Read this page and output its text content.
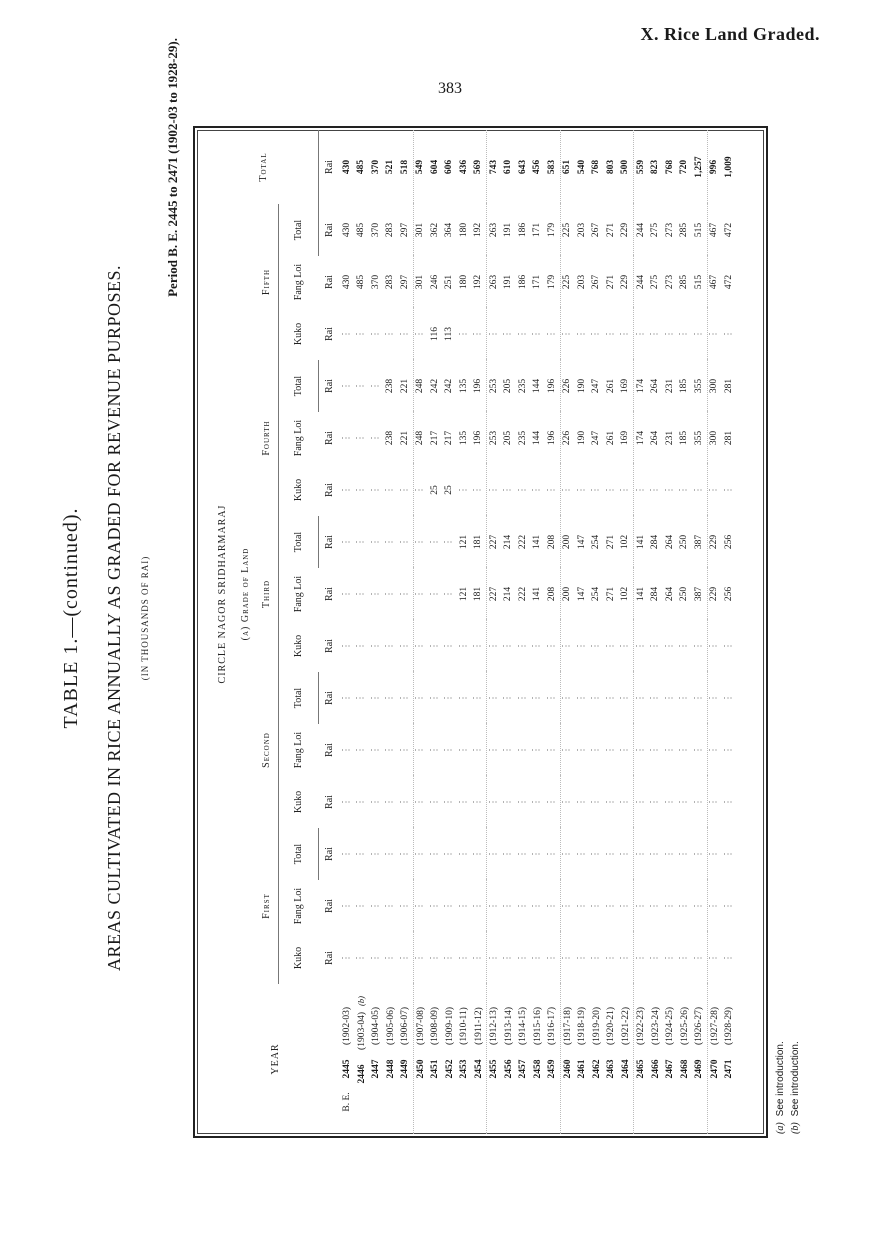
X. Rice Land Graded.
383
TABLE 1.—(continued). AREAS CULTIVATED IN RICE ANNUALLY AS GRADED FOR REVENUE PURPOSES. (IN THOUSANDS OF RAI)
Period B. E. 2445 to 2471 (1902-03 to 1928-29).
YEAR	CIRCLE NAGOR SRIDHARMARAJ															Total
	(a) Grade of Land															
	First			Second			Third			Fourth			Fifth			
	Kuko	Fang Loi	Total	Kuko	Fang Loi	Total	Kuko	Fang Loi	Total	Kuko	Fang Loi	Total	Kuko	Fang Loi	Total	
	Rai	Rai	Rai	Rai	Rai	Rai	Rai	Rai	Rai	Rai	Rai	Rai	Rai	Rai	Rai	Rai
B. E.2445(1902-03)	⋮	⋮	⋮	⋮	⋮	⋮	⋮	⋮	⋮	⋮	⋮	⋮	⋮	430	430	430
2446(1903-04)(b)	⋮	⋮	⋮	⋮	⋮	⋮	⋮	⋮	⋮	⋮	⋮	⋮	⋮	485	485	485
2447(1904-05)	⋮	⋮	⋮	⋮	⋮	⋮	⋮	⋮	⋮	⋮	⋮	⋮	⋮	370	370	370
2448(1905-06)	⋮	⋮	⋮	⋮	⋮	⋮	⋮	⋮	⋮	⋮	238	238	⋮	283	283	521
2449(1906-07)	⋮	⋮	⋮	⋮	⋮	⋮	⋮	⋮	⋮	⋮	221	221	⋮	297	297	518
2450(1907-08)	⋮	⋮	⋮	⋮	⋮	⋮	⋮	⋮	⋮	⋮	248	248	⋮	301	301	549
2451(1908-09)	⋮	⋮	⋮	⋮	⋮	⋮	⋮	⋮	⋮	25	217	242	116	246	362	604
2452(1909-10)	⋮	⋮	⋮	⋮	⋮	⋮	⋮	⋮	⋮	25	217	242	113	251	364	606
2453(1910-11)	⋮	⋮	⋮	⋮	⋮	⋮	⋮	121	121	⋮	135	135	⋮	180	180	436
2454(1911-12)	⋮	⋮	⋮	⋮	⋮	⋮	⋮	181	181	⋮	196	196	⋮	192	192	569
2455(1912-13)	⋮	⋮	⋮	⋮	⋮	⋮	⋮	227	227	⋮	253	253	⋮	263	263	743
2456(1913-14)	⋮	⋮	⋮	⋮	⋮	⋮	⋮	214	214	⋮	205	205	⋮	191	191	610
2457(1914-15)	⋮	⋮	⋮	⋮	⋮	⋮	⋮	222	222	⋮	235	235	⋮	186	186	643
2458(1915-16)	⋮	⋮	⋮	⋮	⋮	⋮	⋮	141	141	⋮	144	144	⋮	171	171	456
2459(1916-17)	⋮	⋮	⋮	⋮	⋮	⋮	⋮	208	208	⋮	196	196	⋮	179	179	583
2460(1917-18)	⋮	⋮	⋮	⋮	⋮	⋮	⋮	200	200	⋮	226	226	⋮	225	225	651
2461(1918-19)	⋮	⋮	⋮	⋮	⋮	⋮	⋮	147	147	⋮	190	190	⋮	203	203	540
2462(1919-20)	⋮	⋮	⋮	⋮	⋮	⋮	⋮	254	254	⋮	247	247	⋮	267	267	768
2463(1920-21)	⋮	⋮	⋮	⋮	⋮	⋮	⋮	271	271	⋮	261	261	⋮	271	271	803
2464(1921-22)	⋮	⋮	⋮	⋮	⋮	⋮	⋮	102	102	⋮	169	169	⋮	229	229	500
2465(1922-23)	⋮	⋮	⋮	⋮	⋮	⋮	⋮	141	141	⋮	174	174	⋮	244	244	559
2466(1923-24)	⋮	⋮	⋮	⋮	⋮	⋮	⋮	284	284	⋮	264	264	⋮	275	275	823
2467(1924-25)	⋮	⋮	⋮	⋮	⋮	⋮	⋮	264	264	⋮	231	231	⋮	273	273	768
2468(1925-26)	⋮	⋮	⋮	⋮	⋮	⋮	⋮	250	250	⋮	185	185	⋮	285	285	720
2469(1926-27)	⋮	⋮	⋮	⋮	⋮	⋮	⋮	387	387	⋮	355	355	⋮	515	515	1,257
2470(1927-28)	⋮	⋮	⋮	⋮	⋮	⋮	⋮	229	229	⋮	300	300	⋮	467	467	996
2471(1928-29)	⋮	⋮	⋮	⋮	⋮	⋮	⋮	256	256	⋮	281	281	⋮	472	472	1,009
(a)See introduction.
(b)See introduction.
